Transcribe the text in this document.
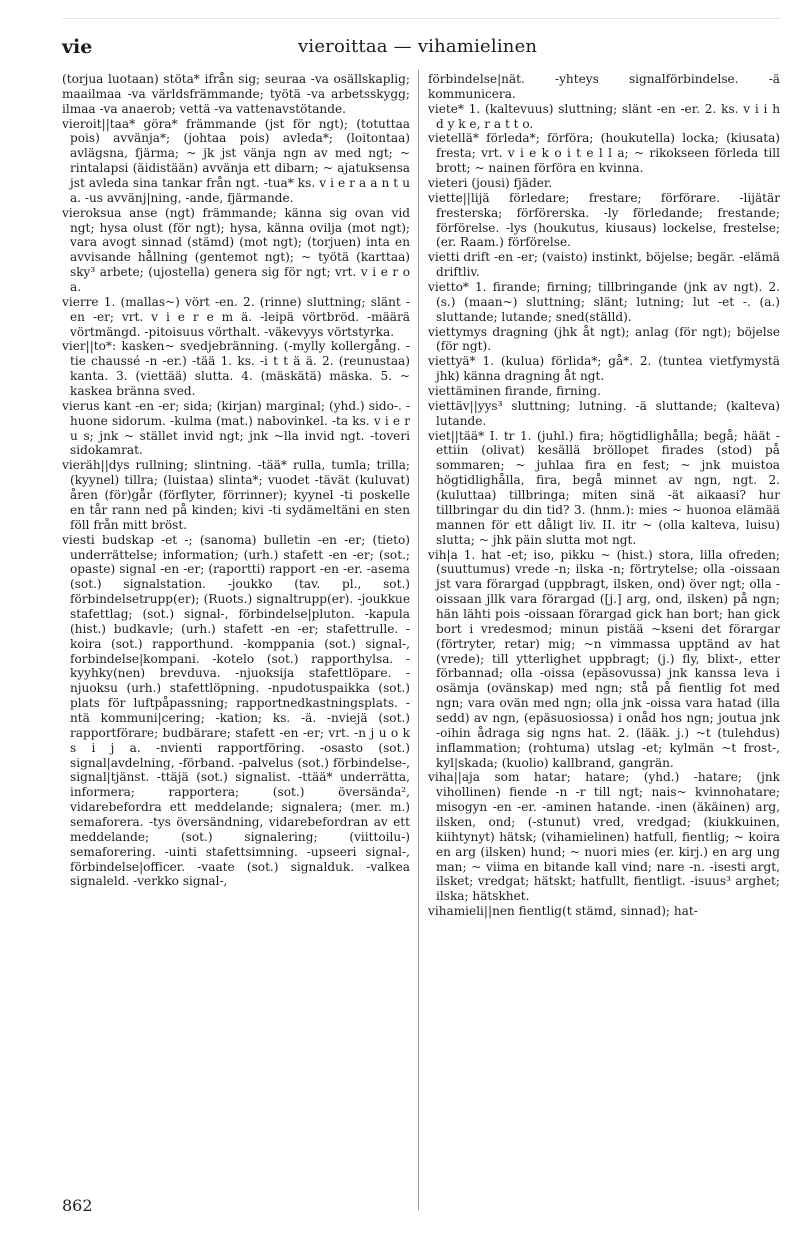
vie	vieroittaa — vihamielinen

(torjua luotaan) stöta* ifrån sig; seuraa -va osällskaplig; maailmaa -va världsfrämmande; työtä -va arbetsskygg; ilmaa -va anaerob; vettä -va vattenavstötande.

vieroit||taa* göra* främmande (jst för ngt); (totuttaa pois) avvänja*; (johtaa pois) avleda*; (loitontaa) avlägsna, fjärma; ~ jk jst vänja ngn av med ngt; ~ rintalapsi (äidistään) avvänja ett dibarn; ~ ajatuksensa jst avleda sina tankar från ngt. -tua* ks. v i e r a a n t u a. -us avvänj|ning, -ande, fjärmande.

vieroksua anse (ngt) främmande; känna sig ovan vid ngt; hysa olust (för ngt); hysa, känna ovilja (mot ngt); vara avogt sinnad (stämd) (mot ngt); (torjuen) inta en avvisande hållning (gentemot ngt); ~ työtä (karttaa) sky³ arbete; (ujostella) genera sig för ngt; vrt. v i e r o a.

vierre 1. (mallas~) vört -en. 2. (rinne) sluttning; slänt -en -er; vrt. v i e r e m ä. -leipä vörtbröd. -määrä vörtmängd. -pitoisuus vörthalt. -väkevyys vörtstyrka.

vier||to*: kasken~ svedjebränning. (-mylly kollergång. -tie chaussé -n -er.) -tää 1. ks. -i t t ä ä. 2. (reunustaa) kanta. 3. (viettää) slutta. 4. (mäskätä) mäska. 5. ~ kaskea bränna sved.

vierus kant -en -er; sida; (kirjan) marginal; (yhd.) sido-. -huone sidorum. -kulma (mat.) nabovinkel. -ta ks. v i e r u s; jnk ~ stället invid ngt; jnk ~lla invid ngt. -toveri sidokamrat.

vieräh||dys rullning; slintning. -tää* rulla, tumla; trilla; (kyynel) tillra; (luistaa) slinta*; vuodet -tävät (kuluvat) åren (för)går (förflyter, förrinner); kyynel -ti poskelle en tår rann ned på kinden; kivi -ti sydämeltäni en sten föll från mitt bröst.

viesti budskap -et -; (sanoma) bulletin -en -er; (tieto) underrättelse; information; (urh.) stafett -en -er; (sot.; opaste) signal -en -er; (raportti) rapport -en -er. -asema (sot.) signalstation. -joukko (tav. pl., sot.) förbindelsetrupp(er); (Ruots.) signaltrupp(er). -joukkue stafettlag; (sot.) signal-, förbindelse|pluton. -kapula (hist.) budkavle; (urh.) stafett -en -er; stafettrulle. -koira (sot.) rapporthund. -komppania (sot.) signal-, forbindelse|kompani. -kotelo (sot.) rapporthylsa. -kyyhky(nen) brevduva. -njuoksija stafettlöpare. -njuoksu (urh.) stafettlöpning. -npudotuspaikka (sot.) plats för luftpåpassning; rapportnedkastningsplats. -ntä kommuni|cering; -kation; ks. -ä. -nviejä (sot.) rapportförare; budbärare; stafett -en -er; vrt. -n j u o k s i j a. -nvienti rapportföring. -osasto (sot.) signal|avdelning, -förband. -palvelus (sot.) förbindelse-, signal|tjänst. -ttäjä (sot.) signalist. -ttää* underrätta, informera; rapportera; (sot.) översända², vidarebefordra ett meddelande; signalera; (mer. m.) semaforera. -tys översändning, vidarebefordran av ett meddelande; (sot.) signalering; (viittoilu-) semaforering. -uinti stafettsimning. -upseeri signal-, förbindelse|officer. -vaate (sot.) signalduk. -valkea signaleld. -verkko signal-,

förbindelse|nät. -yhteys signalförbindelse. -ä kommunicera.

viete* 1. (kaltevuus) sluttning; slänt -en -er. 2. ks. v i i h d y k e, r a t t o.

vietellä* förleda*; förföra; (houkutella) locka; (kiusata) fresta; vrt. v i e k o i t e l l a; ~ rikokseen förleda till brott; ~ nainen förföra en kvinna.

vieteri (jousi) fjäder.

viette||lijä förledare; frestare; förförare. -lijätär fresterska; förförerska. -ly förledande; frestande; förförelse. -lys (houkutus, kiusaus) lockelse, frestelse; (er. Raam.) förförelse.

vietti drift -en -er; (vaisto) instinkt, böjelse; begär. -elämä driftliv.

vietto* 1. firande; firning; tillbringande (jnk av ngt). 2. (s.) (maan~) sluttning; slänt; lutning; lut -et -. (a.) sluttande; lutande; sned(ställd).

viettymys dragning (jhk åt ngt); anlag (för ngt); böjelse (för ngt).

viettyä* 1. (kulua) förlida*; gå*. 2. (tuntea vietfymystä jhk) känna dragning åt ngt.

viettäminen firande, firning.

viettäv||yys³ sluttning; lutning. -ä sluttande; (kalteva) lutande.

viet||tää* I. tr 1. (juhl.) fira; högtidlighålla; begå; häät -ettiin (olivat) kesällä bröllopet firades (stod) på sommaren; ~ juhlaa fira en fest; ~ jnk muistoa högtidlighålla, fira, begå minnet av ngn, ngt. 2. (kuluttaa) tillbringa; miten sinä -ät aikaasi? hur tillbringar du din tid? 3. (hnm.): mies ~ huonoa elämää mannen för ett dåligt liv. II. itr ~ (olla kalteva, luisu) slutta; ~ jhk päin slutta mot ngt.

vih|a 1. hat -et; iso, pikku ~ (hist.) stora, lilla ofreden; (suuttumus) vrede -n; ilska -n; förtrytelse; olla -oissaan jst vara förargad (uppbragt, ilsken, ond) över ngt; olla -oissaan jllk vara förargad ([j.] arg, ond, ilsken) på ngn; hän lähti pois -oissaan förargad gick han bort; han gick bort i vredesmod; minun pistää ~kseni det förargar (förtryter, retar) mig; ~n vimmassa upptänd av hat (vrede); till ytterlighet uppbragt; (j.) fly, blixt-, etter förbannad; olla -oissa (epäsovussa) jnk kanssa leva i osämja (ovänskap) med ngn; stå på fientlig fot med ngn; vara ovän med ngn; olla jnk -oissa vara hatad (illa sedd) av ngn, (epäsuosiossa) i onåd hos ngn; joutua jnk -oihin ådraga sig ngns hat. 2. (lääk. j.) ~t (tulehdus) inflammation; (rohtuma) utslag -et; kylmän ~t frost-, kyl|skada; (kuolio) kallbrand, gangrän.

viha||aja som hatar; hatare; (yhd.) -hatare; (jnk vihollinen) fiende -n -r till ngt; nais~ kvinnohatare; misogyn -en -er. -aminen hatande. -inen (äkäinen) arg, ilsken, ond; (-stunut) vred, vredgad; (kiukkuinen, kiihtynyt) hätsk; (vihamielinen) hatfull, fientlig; ~ koira en arg (ilsken) hund; ~ nuori mies (er. kirj.) en arg ung man; ~ viima en bitande kall vind; nare -n. -isesti argt, ilsket; vredgat; hätskt; hatfullt, fientligt. -isuus³ arghet; ilska; hätskhet.

vihamieli||nen fientlig(t stämd, sinnad); hat-

862
